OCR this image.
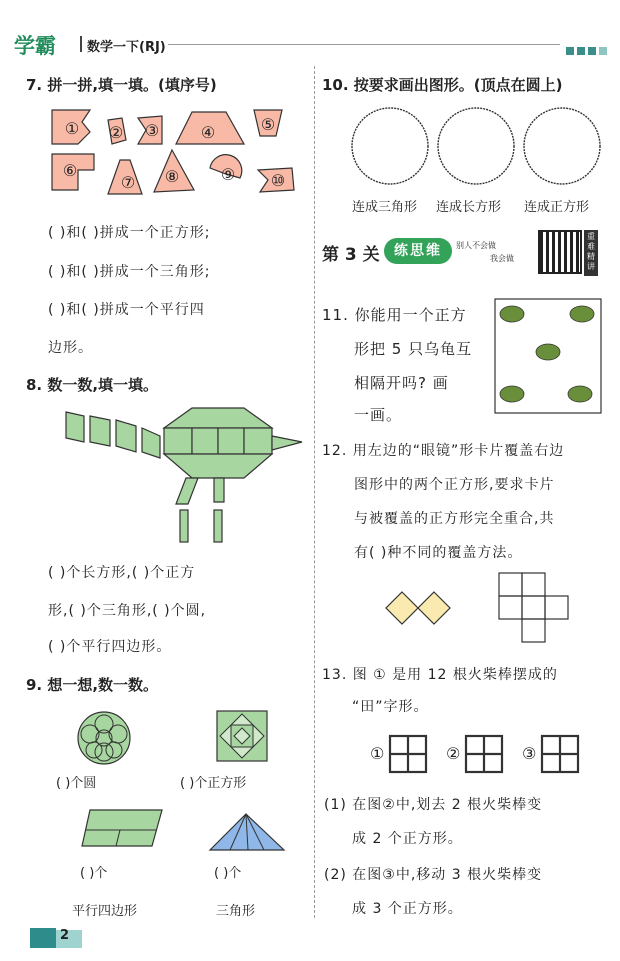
学霸 数学一下(RJ)
7. 拼一拼,填一填。(填序号)
① ② ③	④	⑤
⑥
⑦ ⑧	⑨ ⑩
( )和( )拼成一个正方形;
( )和( )拼成一个三角形;
( )和( )拼成一个平行四
边形。
8. 数一数,填一填。
( )个长方形,( )个正方
形,( )个三角形,( )个圆,
( )个平行四边形。
9. 想一想,数一数。
( )个圆	( )个正方形
( )个	( )个
平行四边形	三角形
10. 按要求画出图形。(顶点在圆上)
连成三角形 连成长方形 连成正方形
第 3 关	练思维	别人不会做
我会做
重难精讲
11. 你能用一个正方
形把 5 只乌龟互
相隔开吗? 画
一画。
12. 用左边的“眼镜”形卡片覆盖右边
图形中的两个正方形,要求卡片
与被覆盖的正方形完全重合,共
有( )种不同的覆盖方法。
13. 图 ① 是用 12 根火柴棒摆成的
“田”字形。
①	②	③
(1) 在图②中,划去 2 根火柴棒变
成 2 个正方形。
(2) 在图③中,移动 3 根火柴棒变
成 3 个正方形。
2
